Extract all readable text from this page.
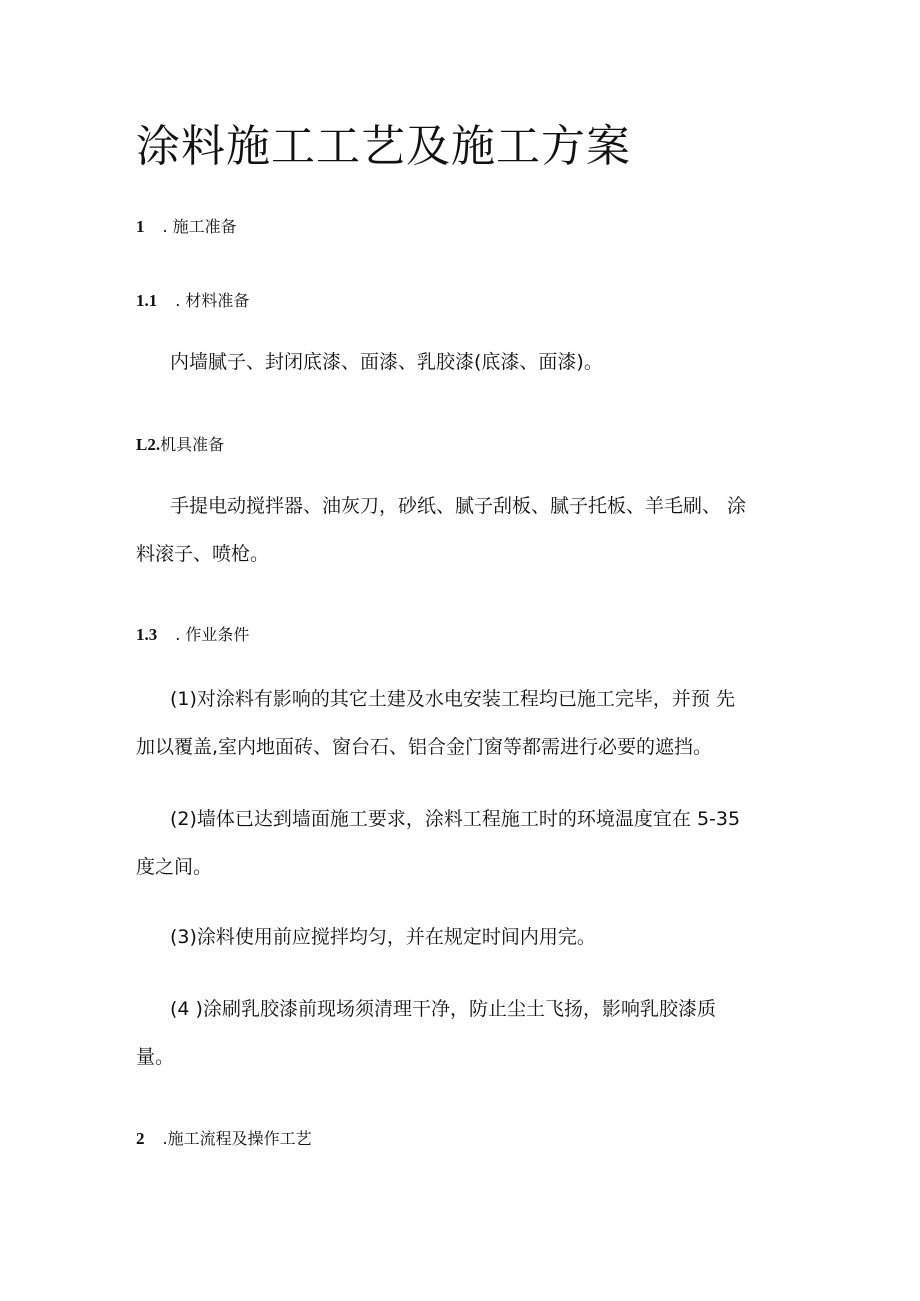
涂料施工工艺及施工方案
1 . 施工准备
1.1 . 材料准备

内墙腻子、封闭底漆、面漆、乳胶漆(底漆、面漆)。

L2. 机具准备
手提电动搅拌器、油灰刀，砂纸、腻子刮板、腻子托板、羊毛刷、 涂
料滚子、喷枪。
1.3 . 作业条件
(1)对涂料有影响的其它土建及水电安装工程均已施工完毕，并预 先
加以覆盖,室内地面砖、窗台石、铝合金门窗等都需进行必要的遮挡。
(2)墙体已达到墙面施工要求，涂料工程施工时的环境温度宜在 5-35
度之间。
(3)涂料使用前应搅拌均匀，并在规定时间内用完。
(4 )涂刷乳胶漆前现场须清理干净，防止尘土飞扬，影响乳胶漆质
量。
2 .施工流程及操作工艺
